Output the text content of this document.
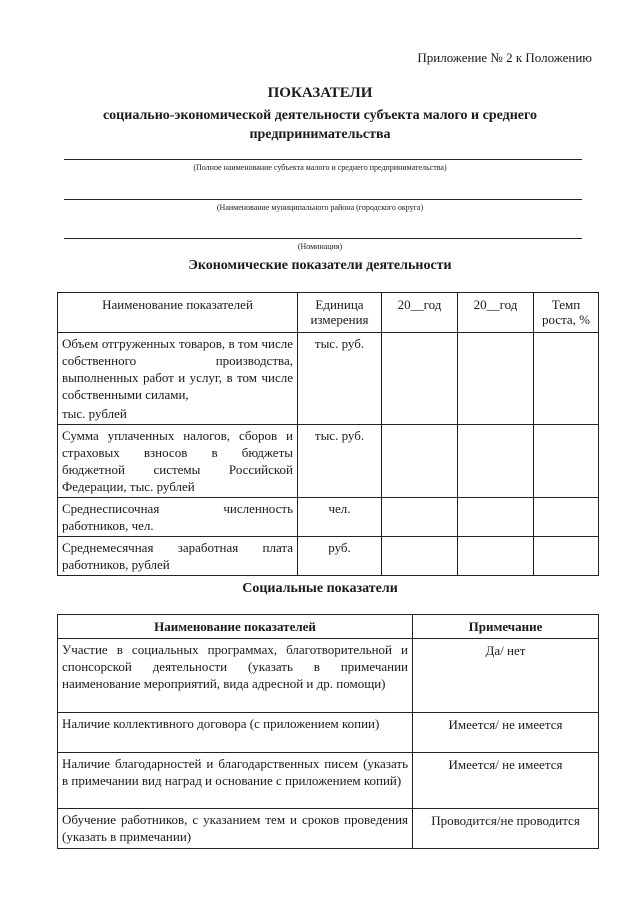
Приложение № 2 к Положению
ПОКАЗАТЕЛИ
социально-экономической деятельности субъекта малого и среднего
предпринимательства
(Полное наименование субъекта малого и среднего предпринимательства)
(Наименование муниципального района (городского округа)
(Номинация)
Экономические показатели деятельности
Наименование показателей	Единица измерения	20__год	20__год	Темп роста, %

Объем отгруженных товаров, в том числе собственного производства, выполненных работ и услуг, в том числе собственными силами,
тыс. рублей	тыс. руб.			
Сумма уплаченных налогов, сборов и страховых взносов в бюджеты бюджетной системы Российской Федерации, тыс. рублей	тыс. руб.			
Среднесписочная численность работников, чел.	чел.			
Среднемесячная заработная плата работников, рублей	руб.			
Социальные показатели
Наименование показателей	Примечание
Участие в социальных программах, благотворительной и спонсорской деятельности (указать в примечании наименование мероприятий, вида адресной и др. помощи)	Да/ нет
Наличие коллективного договора (с приложением копии)	Имеется/ не имеется
Наличие благодарностей и благодарственных писем (указать в примечании вид наград и основание с приложением копий)	Имеется/ не имеется
Обучение работников, с указанием тем и сроков проведения (указать в примечании)	Проводится/не проводится
